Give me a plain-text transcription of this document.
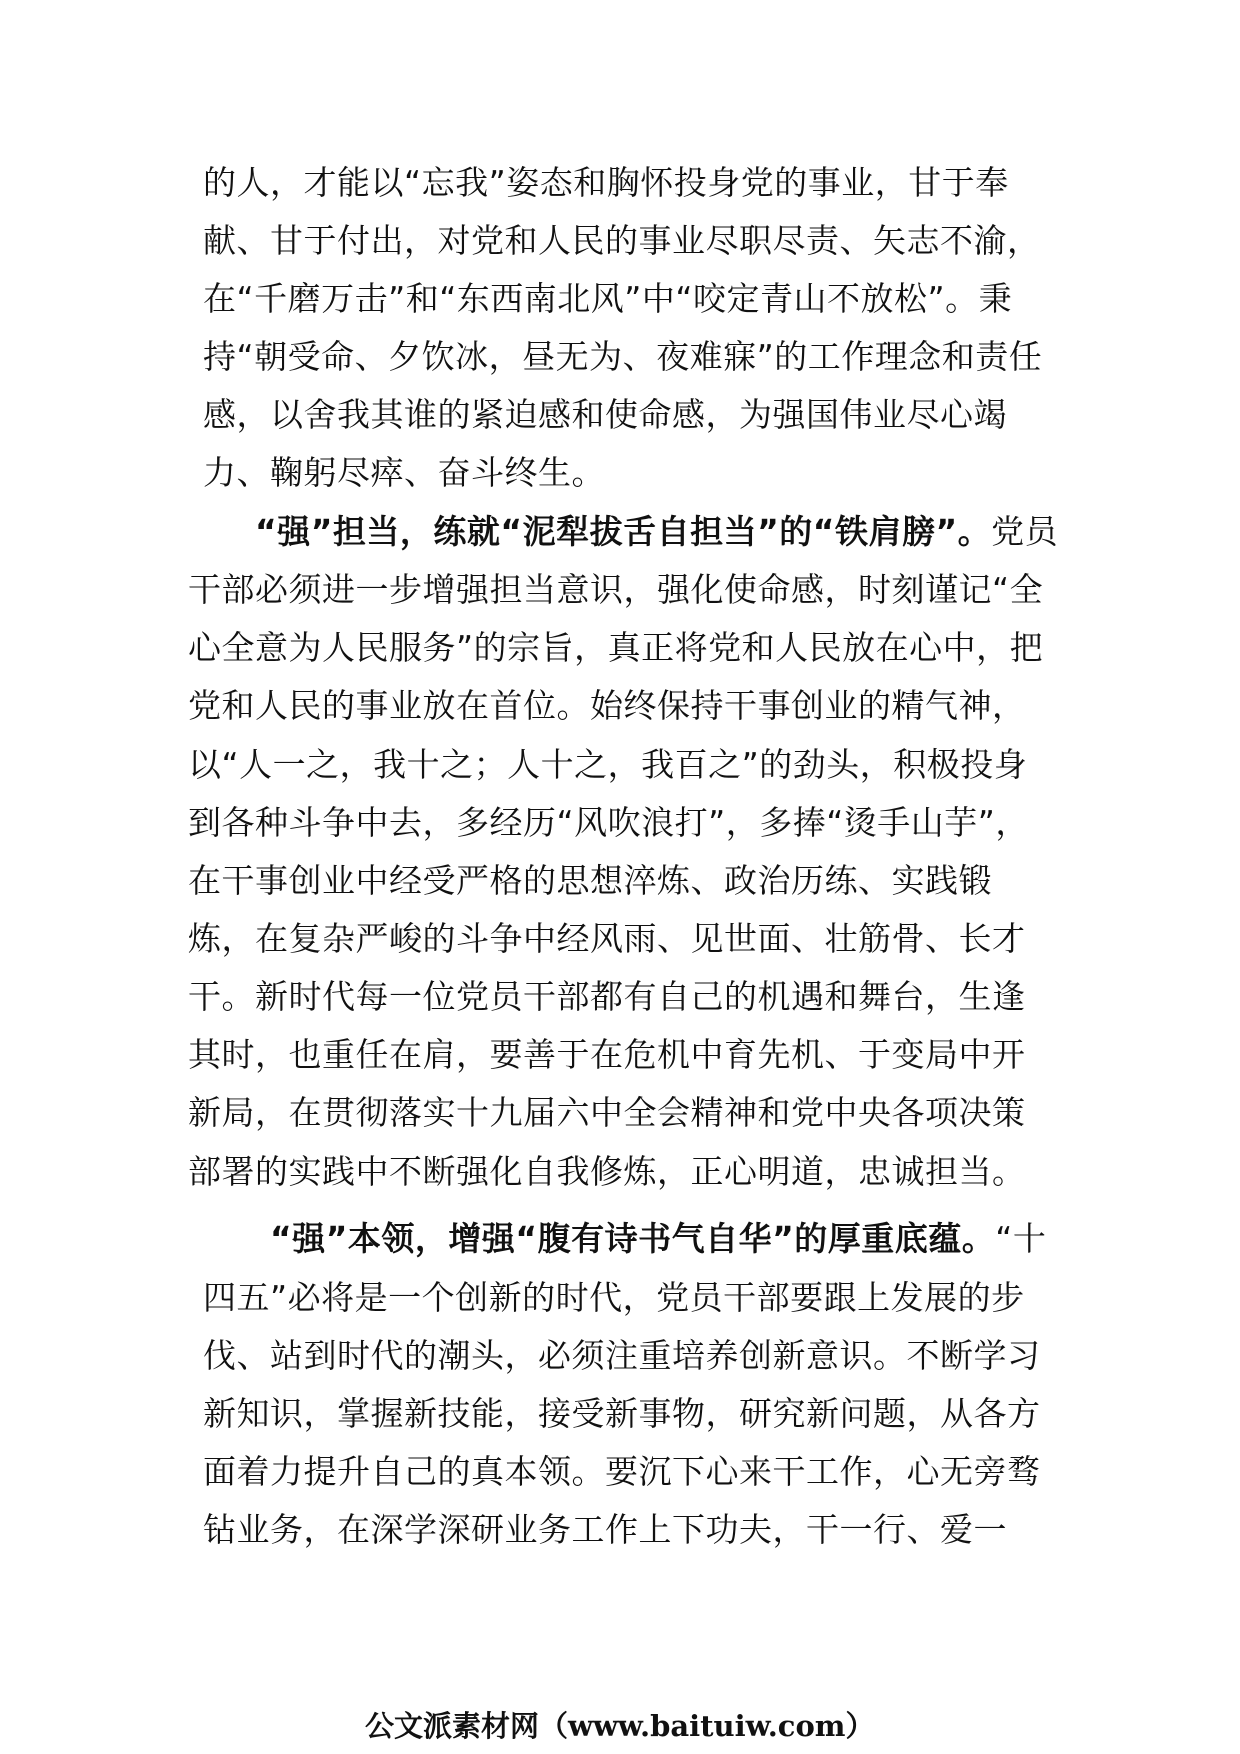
的人，才能以“忘我”姿态和胸怀投身党的事业，甘于奉
献、甘于付出，对党和人民的事业尽职尽责、矢志不渝，
在“千磨万击”和“东西南北风”中“咬定青山不放松”。秉
持“朝受命、夕饮冰，昼无为、夜难寐”的工作理念和责任
感，以舍我其谁的紧迫感和使命感，为强国伟业尽心竭
力、鞠躬尽瘁、奋斗终生。
“强”担当，练就“泥犁拔舌自担当”的“铁肩膀”。党员
干部必须进一步增强担当意识，强化使命感，时刻谨记“全
心全意为人民服务”的宗旨，真正将党和人民放在心中，把
党和人民的事业放在首位。始终保持干事创业的精气神，
以“人一之，我十之；人十之，我百之”的劲头，积极投身
到各种斗争中去，多经历“风吹浪打”，多捧“烫手山芋”，
在干事创业中经受严格的思想淬炼、政治历练、实践锻
炼，在复杂严峻的斗争中经风雨、见世面、壮筋骨、长才
干。新时代每一位党员干部都有自己的机遇和舞台，生逢
其时，也重任在肩，要善于在危机中育先机、于变局中开
新局，在贯彻落实十九届六中全会精神和党中央各项决策
部署的实践中不断强化自我修炼，正心明道，忠诚担当。
“强”本领，增强“腹有诗书气自华”的厚重底蕴。“十
四五”必将是一个创新的时代，党员干部要跟上发展的步
伐、站到时代的潮头，必须注重培养创新意识。不断学习
新知识，掌握新技能，接受新事物，研究新问题，从各方
面着力提升自己的真本领。要沉下心来干工作，心无旁骛
钻业务，在深学深研业务工作上下功夫，干一行、爱一
公文派素材网（www.baituiw.com）
